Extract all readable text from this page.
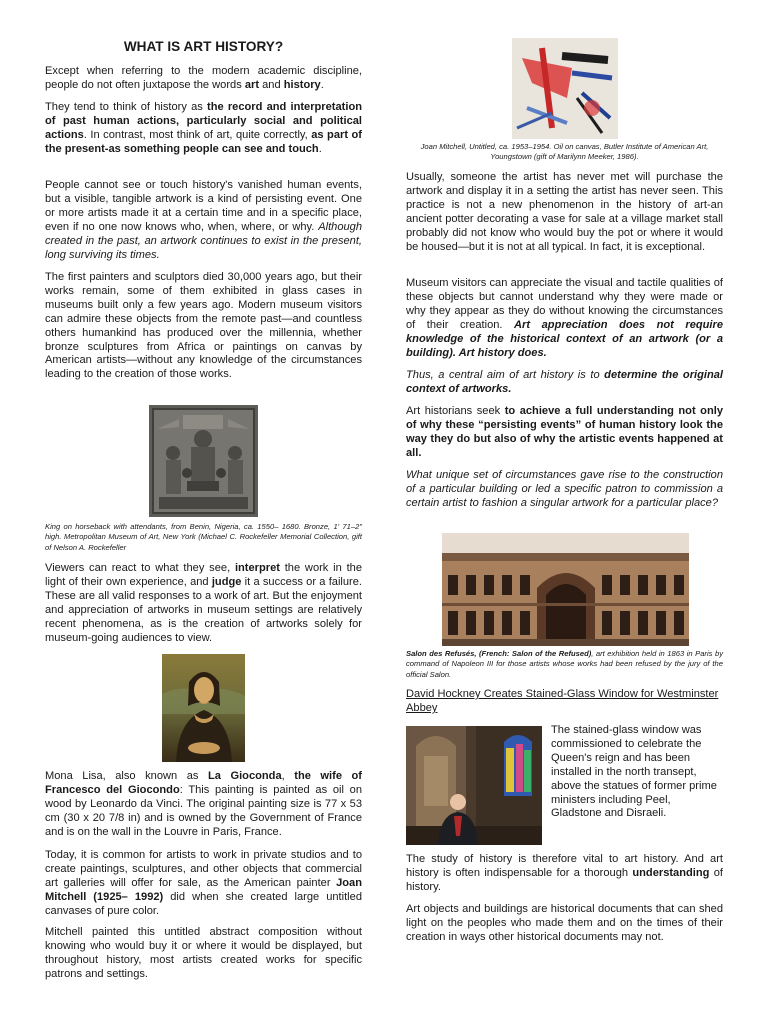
WHAT IS ART HISTORY?

Except when referring to the modern academic discipline, people do not often juxtapose the words art and history.

They tend to think of history as the record and interpretation of past human actions, particularly social and political actions. In contrast, most think of art, quite correctly, as part of the present-as something people can see and touch.

People cannot see or touch history's vanished human events, but a visible, tangible artwork is a kind of persisting event. One or more artists made it at a certain time and in a specific place, even if no one now knows who, when, where, or why. Although created in the past, an artwork continues to exist in the present, long surviving its times.

The first painters and sculptors died 30,000 years ago, but their works remain, some of them exhibited in glass cases in museums built only a few years ago. Modern museum visitors can admire these objects from the remote past—and countless others humankind has produced over the millennia, whether bronze sculptures from Africa or paintings on canvas by American artists—without any knowledge of the circumstances leading to the creation of those works.

King on horseback with attendants, from Benin, Nigeria, ca. 1550– 1680. Bronze, 1' 71–2" high. Metropolitan Museum of Art, New York (Michael C. Rockefeller Memorial Collection, gift of Nelson A. Rockefeller

Viewers can react to what they see, interpret the work in the light of their own experience, and judge it a success or a failure. These are all valid responses to a work of art. But the enjoyment and appreciation of artworks in museum settings are relatively recent phenomena, as is the creation of artworks solely for museum-going audiences to view.

Mona Lisa, also known as La Gioconda, the wife of Francesco del Giocondo: This painting is painted as oil on wood by Leonardo da Vinci. The original painting size is 77 x 53 cm (30 x 20 7/8 in) and is owned by the Government of France and is on the wall in the Louvre in Paris, France.

Today, it is common for artists to work in private studios and to create paintings, sculptures, and other objects that commercial art galleries will offer for sale, as the American painter Joan Mitchell (1925– 1992) did when she created large untitled canvases of pure color.

Mitchell painted this untitled abstract composition without knowing who would buy it or where it would be displayed, but throughout history, most artists created works for specific patrons and settings.

Joan Mitchell, Untitled, ca. 1953–1954. Oil on canvas, Butler Institute of American Art, Youngstown (gift of Marilynn Meeker, 1986).

Usually, someone the artist has never met will purchase the artwork and display it in a setting the artist has never seen. This practice is not a new phenomenon in the history of art-an ancient potter decorating a vase for sale at a village market stall probably did not know who would buy the pot or where it would be housed—but it is not at all typical. In fact, it is exceptional.

Museum visitors can appreciate the visual and tactile qualities of these objects but cannot understand why they were made or why they appear as they do without knowing the circumstances of their creation. Art appreciation does not require knowledge of the historical context of an artwork (or a building). Art history does.

Thus, a central aim of art history is to determine the original context of artworks.

Art historians seek to achieve a full understanding not only of why these “persisting events” of human history look the way they do but also of why the artistic events happened at all.

What unique set of circumstances gave rise to the construction of a particular building or led a specific patron to commission a certain artist to fashion a singular artwork for a particular place?

Salon des Refusés, (French: Salon of the Refused), art exhibition held in 1863 in Paris by command of Napoleon III for those artists whose works had been refused by the jury of the official Salon.

David Hockney Creates Stained-Glass Window for Westminster Abbey

The stained-glass window was commissioned to celebrate the Queen's reign and has been installed in the north transept, above the statues of former prime ministers including Peel, Gladstone and Disraeli.

The study of history is therefore vital to art history. And art history is often indispensable for a thorough understanding of history.

Art objects and buildings are historical documents that can shed light on the peoples who made them and on the times of their creation in ways other historical documents may not.
